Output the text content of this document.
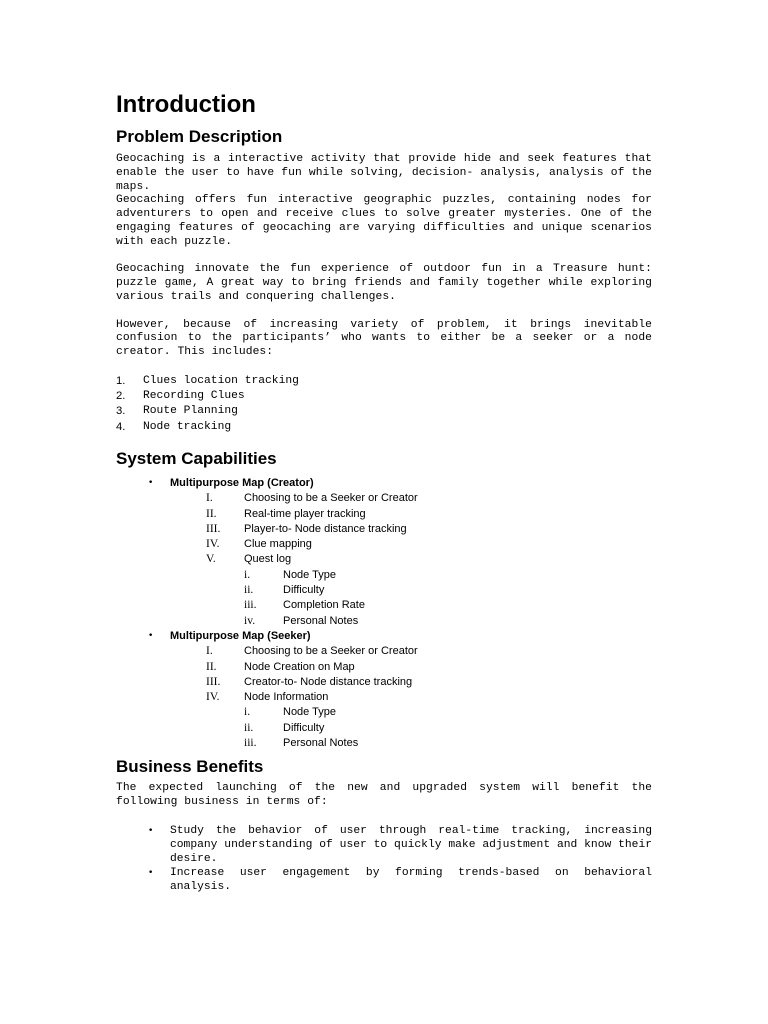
Introduction
Problem Description

Geocaching is a interactive activity that provide hide and seek features that enable the user to have fun while solving, decision- analysis, analysis of the maps.

Geocaching offers fun interactive geographic puzzles, containing nodes for adventurers to open and receive clues to solve greater mysteries. One of the engaging features of geocaching are varying difficulties and unique scenarios with each puzzle.

Geocaching innovate the fun experience of outdoor fun in a Treasure hunt: puzzle game, A great way to bring friends and family together while exploring various trails and conquering challenges.

However, because of increasing variety of problem, it brings inevitable confusion to the participants’ who wants to either be a seeker or a node creator. This includes:

1.	Clues location tracking
2.	Recording Clues
3.	Route Planning
4.	Node tracking
System Capabilities
•	Multipurpose Map (Creator)
I.	Choosing to be a Seeker or Creator
II.	Real-time player tracking
III.	Player-to- Node distance tracking
IV.	Clue mapping
V.	Quest log
i.	Node Type
ii.	Difficulty
iii.	Completion Rate
iv.	Personal Notes
•	Multipurpose Map (Seeker)
I.	Choosing to be a Seeker or Creator
II.	Node Creation on Map
III.	Creator-to- Node distance tracking
IV.	Node Information
i.	Node Type
ii.	Difficulty
iii.	Personal Notes
Business Benefits

The expected launching of the new and upgraded system will benefit the following business in terms of:

•	Study the behavior of user through real-time tracking, increasing company understanding of user to quickly make adjustment and know their desire.
•	Increase user engagement by forming trends-based on behavioral analysis.
